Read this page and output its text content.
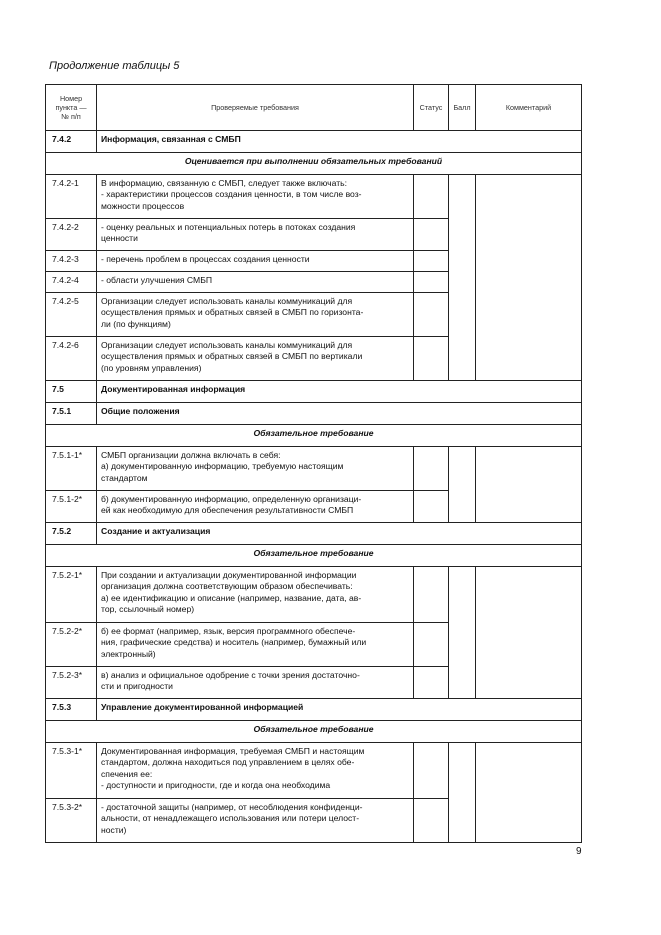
Продолжение таблицы 5
Номер
пункта —
№ п/п	Проверяемые требования	Статус	Балл	Комментарий
7.4.2	Информация, связанная с СМБП			
Оценивается при выполнении обязательных требований				
7.4.2-1	В информацию, связанную с СМБП, следует также включать:
- характеристики процессов создания ценности, в том числе воз-
можности процессов			

7.4.2-2	- оценку реальных и потенциальных потерь в потоках создания
ценности			

7.4.2-3	- перечень проблем в процессах создания ценности			

7.4.2-4	- области улучшения СМБП			

7.4.2-5	Организации следует использовать каналы коммуникаций для
осуществления прямых и обратных связей в СМБП по горизонта-
ли (по функциям)			

7.4.2-6	Организации следует использовать каналы коммуникаций для
осуществления прямых и обратных связей в СМБП по вертикали
(по уровням управления)			

7.5	Документированная информация			
7.5.1	Общие положения			
Обязательное требование				
7.5.1-1*	СМБП организации должна включать в себя:
а) документированную информацию, требуемую настоящим
стандартом			

7.5.1-2*	б) документированную информацию, определенную организаци-
ей как необходимую для обеспечения результативности СМБП			

7.5.2	Создание и актуализация			
Обязательное требование				
7.5.2-1*	При создании и актуализации документированной информации
организация должна соответствующим образом обеспечивать:
а) ее идентификацию и описание (например, название, дата, ав-
тор, ссылочный номер)			

7.5.2-2*	б) ее формат (например, язык, версия программного обеспече-
ния, графические средства) и носитель (например, бумажный или
электронный)			

7.5.2-3*	в) анализ и официальное одобрение с точки зрения достаточно-
сти и пригодности			

7.5.3	Управление документированной информацией			
Обязательное требование				
7.5.3-1*	Документированная информация, требуемая СМБП и настоящим
стандартом, должна находиться под управлением в целях обе-
спечения ее:
- доступности и пригодности, где и когда она необходима			

7.5.3-2*	- достаточной защиты (например, от несоблюдения конфиденци-
альности, от ненадлежащего использования или потери целост-
ности)			

9
